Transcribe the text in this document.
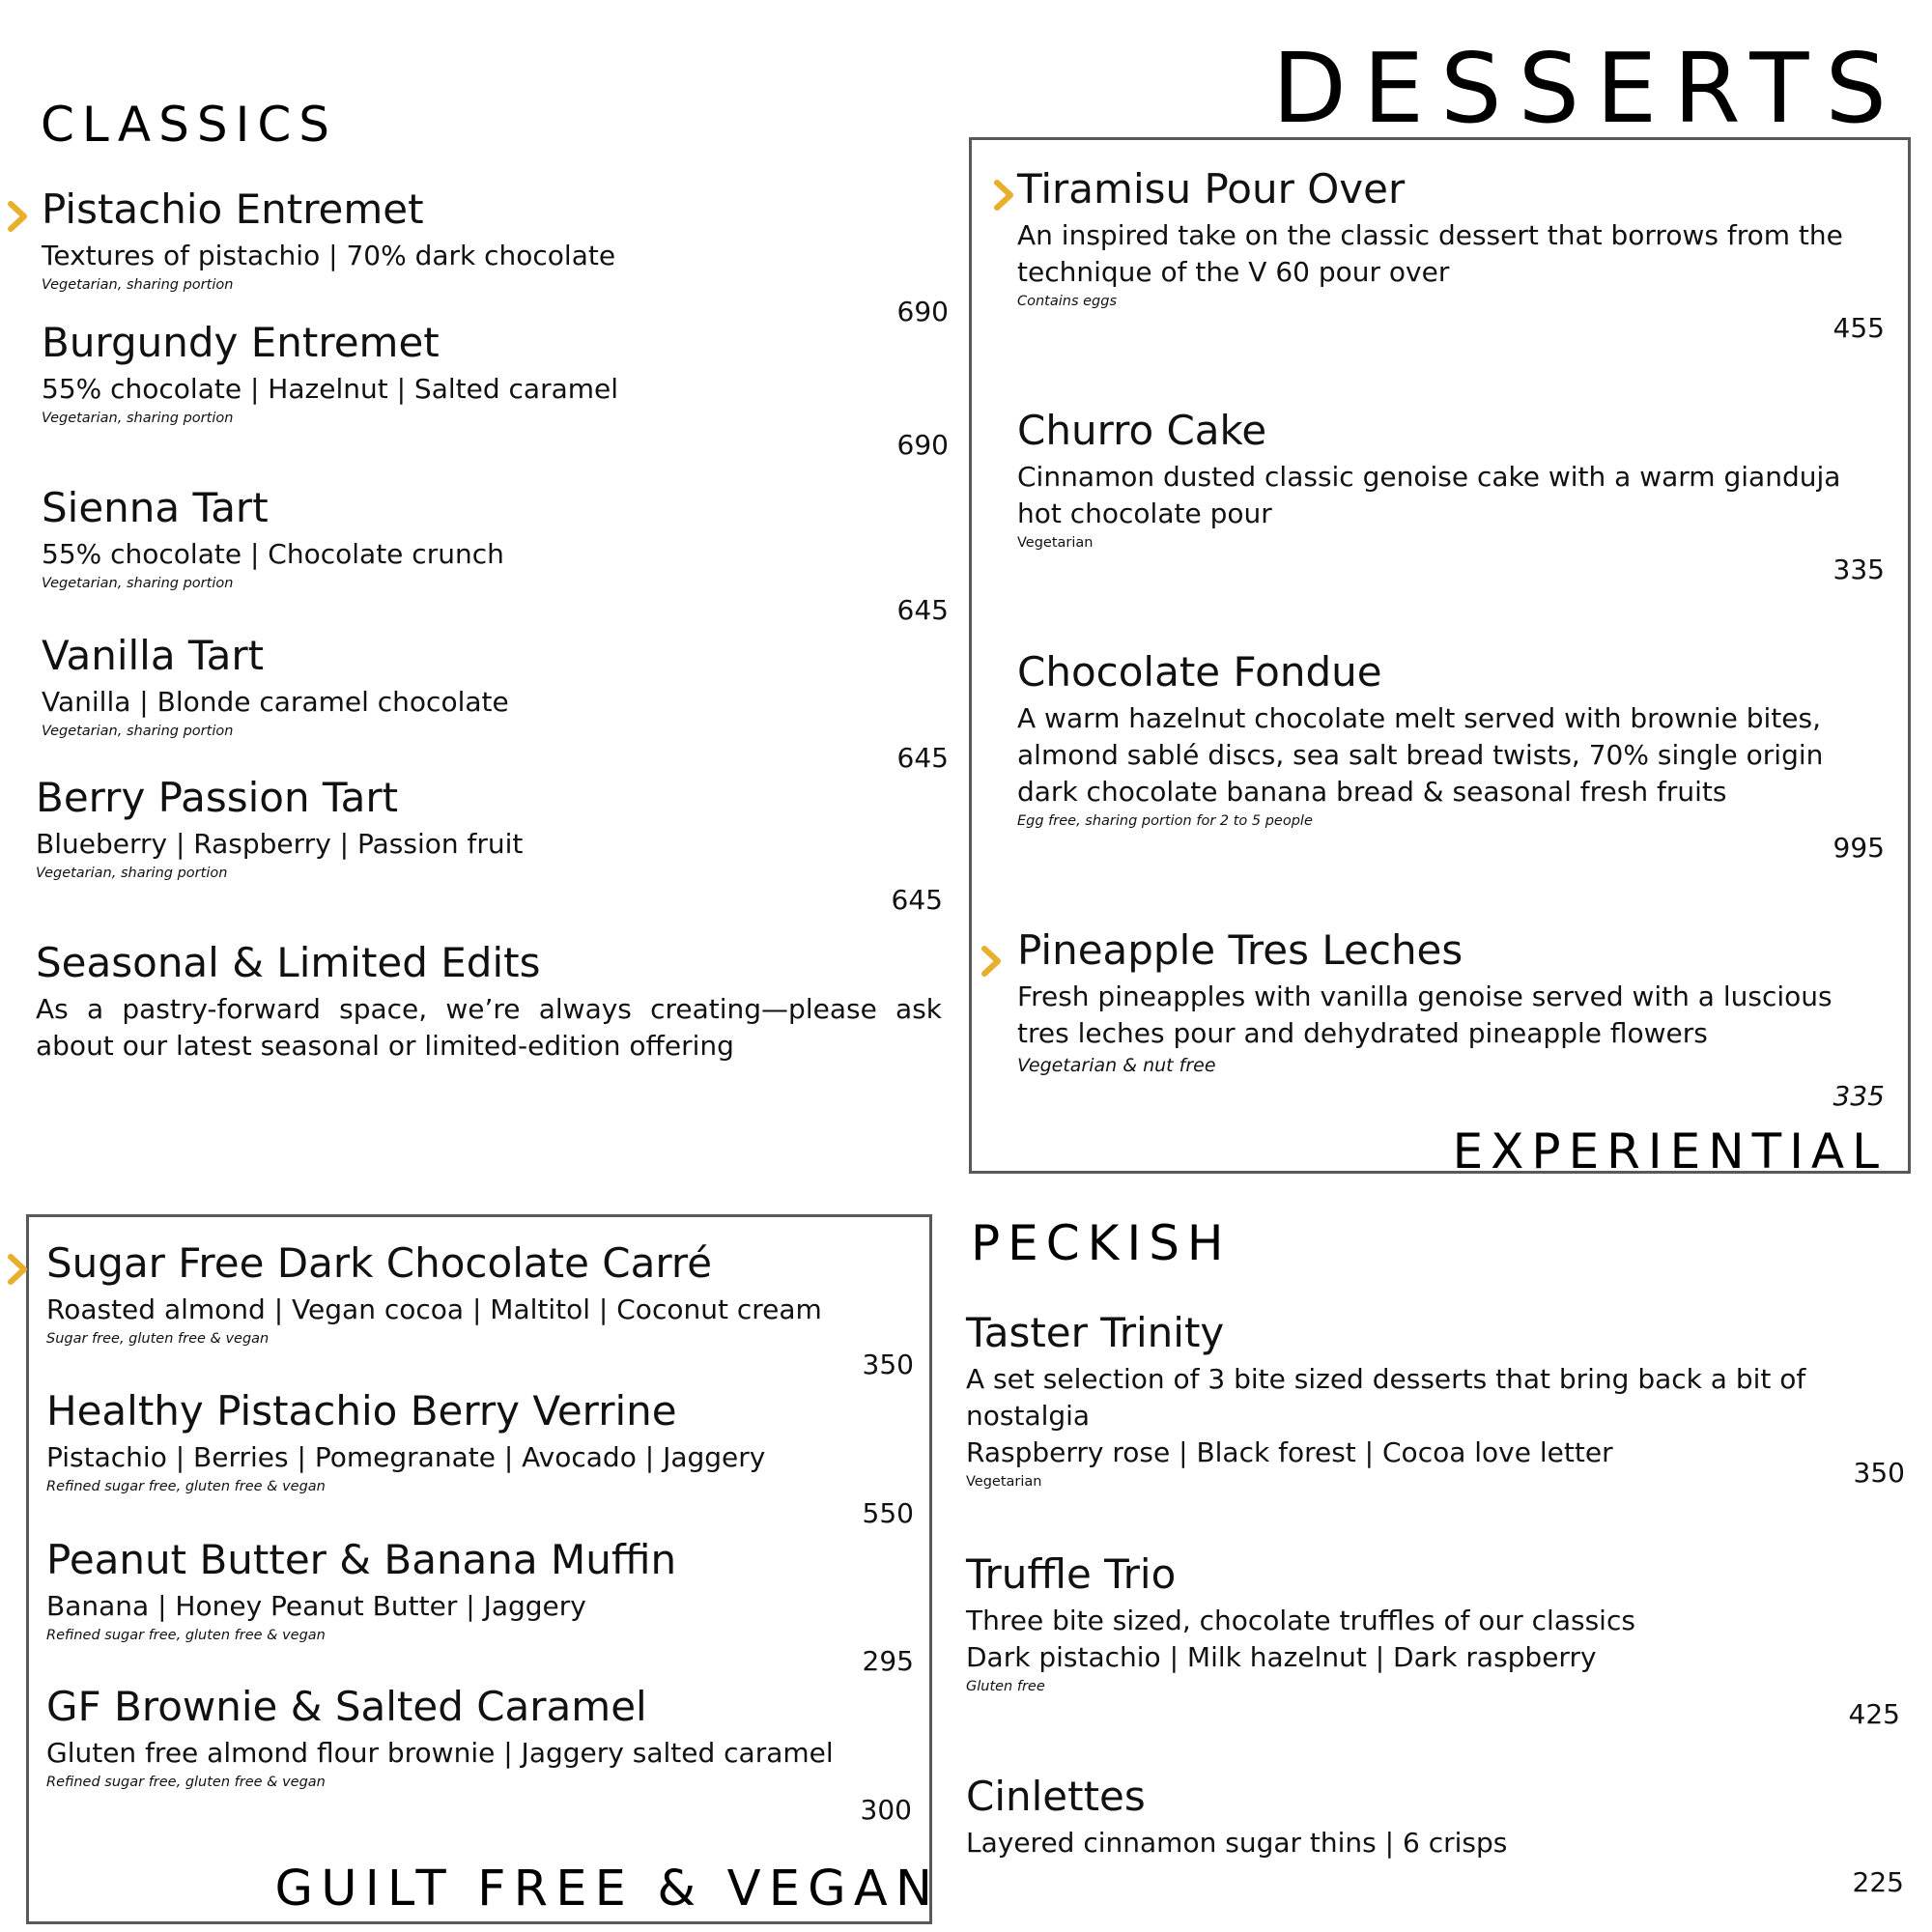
DESSERTS
CLASSICS
Pistachio Entremet
Textures of pistachio | 70% dark chocolate
Vegetarian, sharing portion
690
Burgundy Entremet
55% chocolate | Hazelnut | Salted caramel
Vegetarian, sharing portion
690
Sienna Tart
55% chocolate | Chocolate crunch
Vegetarian, sharing portion
645
Vanilla Tart
Vanilla | Blonde caramel chocolate
Vegetarian, sharing portion
645
Berry Passion Tart
Blueberry | Raspberry | Passion fruit
Vegetarian, sharing portion
645
Seasonal & Limited Edits
As a pastry-forward space, we’re always creating—please ask about our latest seasonal or limited-edition offering
Tiramisu Pour Over
An inspired take on the classic dessert that borrows from the technique of the V 60 pour over
Contains eggs
455
Churro Cake
Cinnamon dusted classic genoise cake with a warm gianduja hot chocolate pour
Vegetarian
335
Chocolate Fondue
A warm hazelnut chocolate melt served with brownie bites, almond sablé discs, sea salt bread twists, 70% single origin dark chocolate banana bread & seasonal fresh fruits
Egg free, sharing portion for 2 to 5 people
995
Pineapple Tres Leches
Fresh pineapples with vanilla genoise served with a luscious tres leches pour and dehydrated pineapple flowers
Vegetarian & nut free
335
EXPERIENTIAL
Sugar Free Dark Chocolate Carré
Roasted almond | Vegan cocoa | Maltitol | Coconut cream
Sugar free, gluten free & vegan
350
Healthy Pistachio Berry Verrine
Pistachio | Berries | Pomegranate | Avocado | Jaggery
Refined sugar free, gluten free & vegan
550
Peanut Butter & Banana Muffin
Banana | Honey Peanut Butter | Jaggery
Refined sugar free, gluten free & vegan
295
GF Brownie & Salted Caramel
Gluten free almond flour brownie | Jaggery salted caramel
Refined sugar free, gluten free & vegan
300
GUILT FREE & VEGAN
PECKISH
Taster Trinity
A set selection of 3 bite sized desserts that bring back a bit of nostalgia
Raspberry rose | Black forest | Cocoa love letter
Vegetarian	350
Truffle Trio
Three bite sized, chocolate truffles of our classics
Dark pistachio | Milk hazelnut | Dark raspberry
Gluten free
425
Cinlettes
Layered cinnamon sugar thins | 6 crisps
225
